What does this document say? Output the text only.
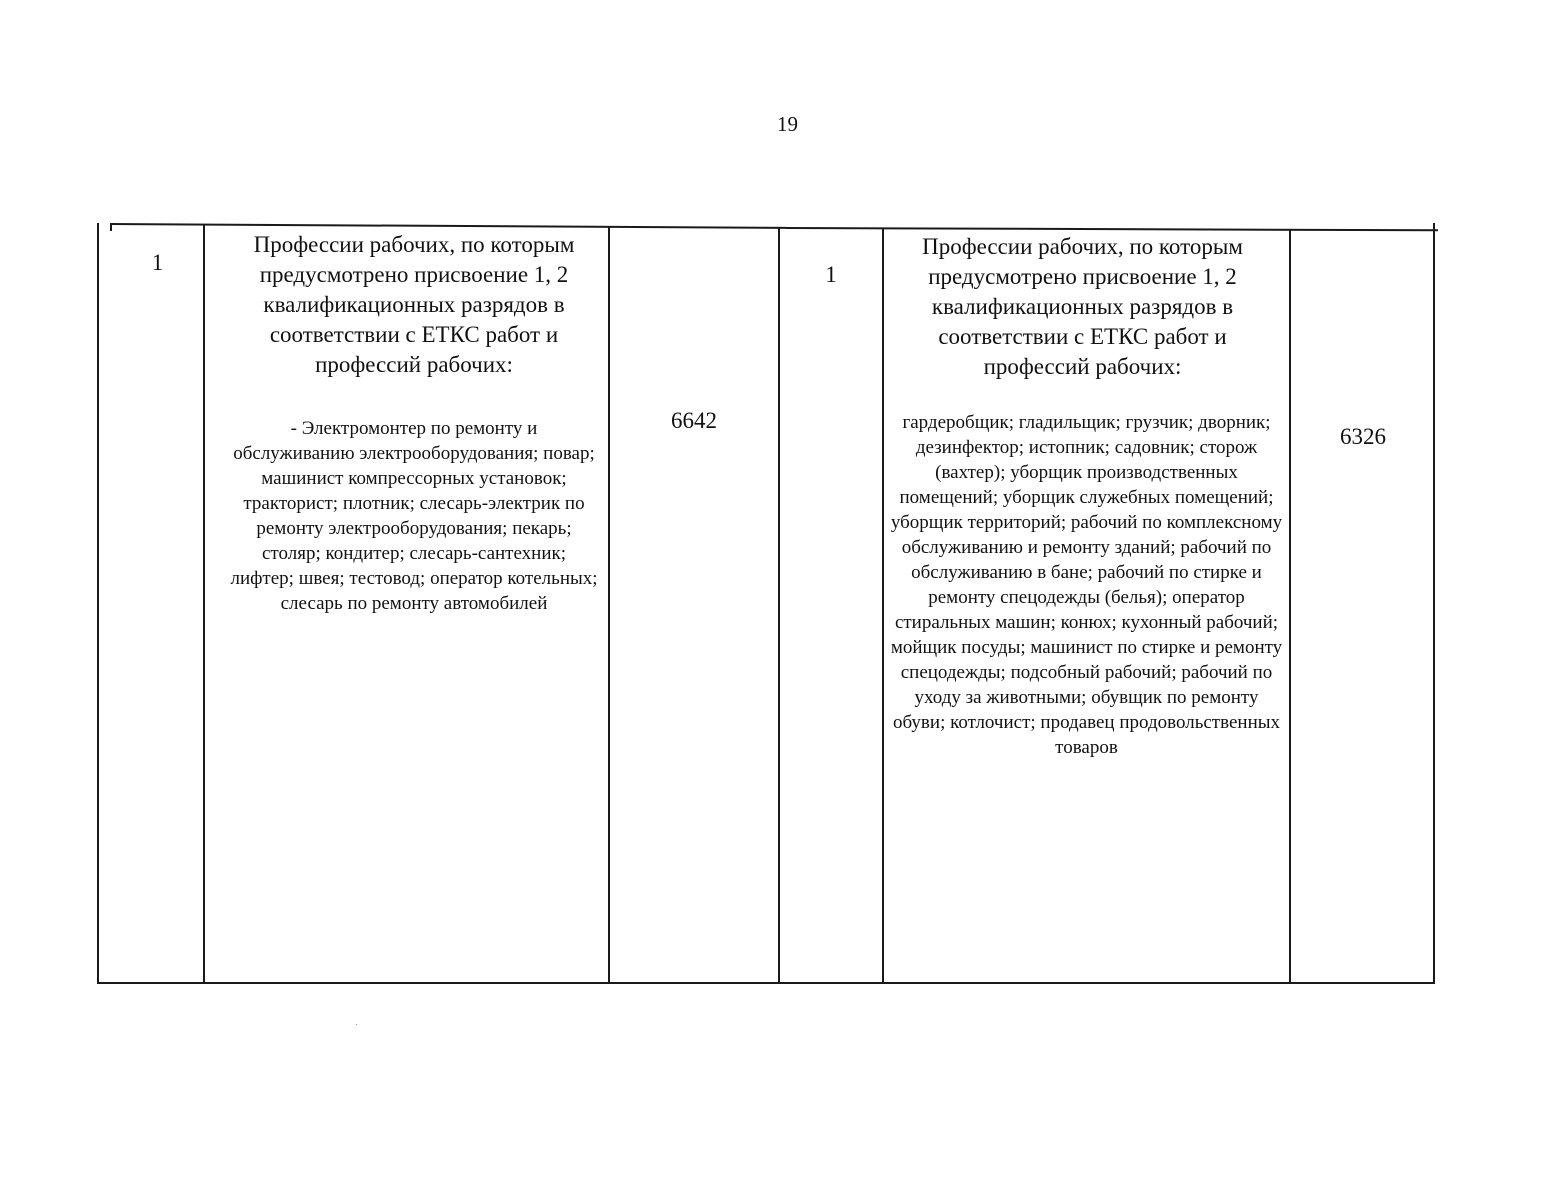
19
1
Профессии рабочих, по которым предусмотрено присвоение 1, 2 квалификационных разрядов в соответствии с ЕТКС работ и профессий рабочих:
- Электромонтер по ремонту и обслуживанию электрооборудования; повар; машинист компрессорных установок; тракторист; плотник; слесарь-электрик по ремонту электрооборудования; пекарь; столяр; кондитер; слесарь-сантехник; лифтер; швея; тестовод; оператор котельных; слесарь по ремонту автомобилей
6642
1
Профессии рабочих, по которым предусмотрено присвоение 1, 2 квалификационных разрядов в соответствии с ЕТКС работ и профессий рабочих:
гардеробщик; гладильщик; грузчик; дворник; дезинфектор; истопник; садовник; сторож (вахтер); уборщик производственных помещений; уборщик служебных помещений; уборщик территорий; рабочий по комплексному обслуживанию и ремонту зданий; рабочий по обслуживанию в бане; рабочий по стирке и ремонту спецодежды (белья); оператор стиральных машин; конюх; кухонный рабочий; мойщик посуды; машинист по стирке и ремонту спецодежды; подсобный рабочий; рабочий по уходу за животными; обувщик по ремонту обуви; котлочист; продавец продовольственных товаров
6326
